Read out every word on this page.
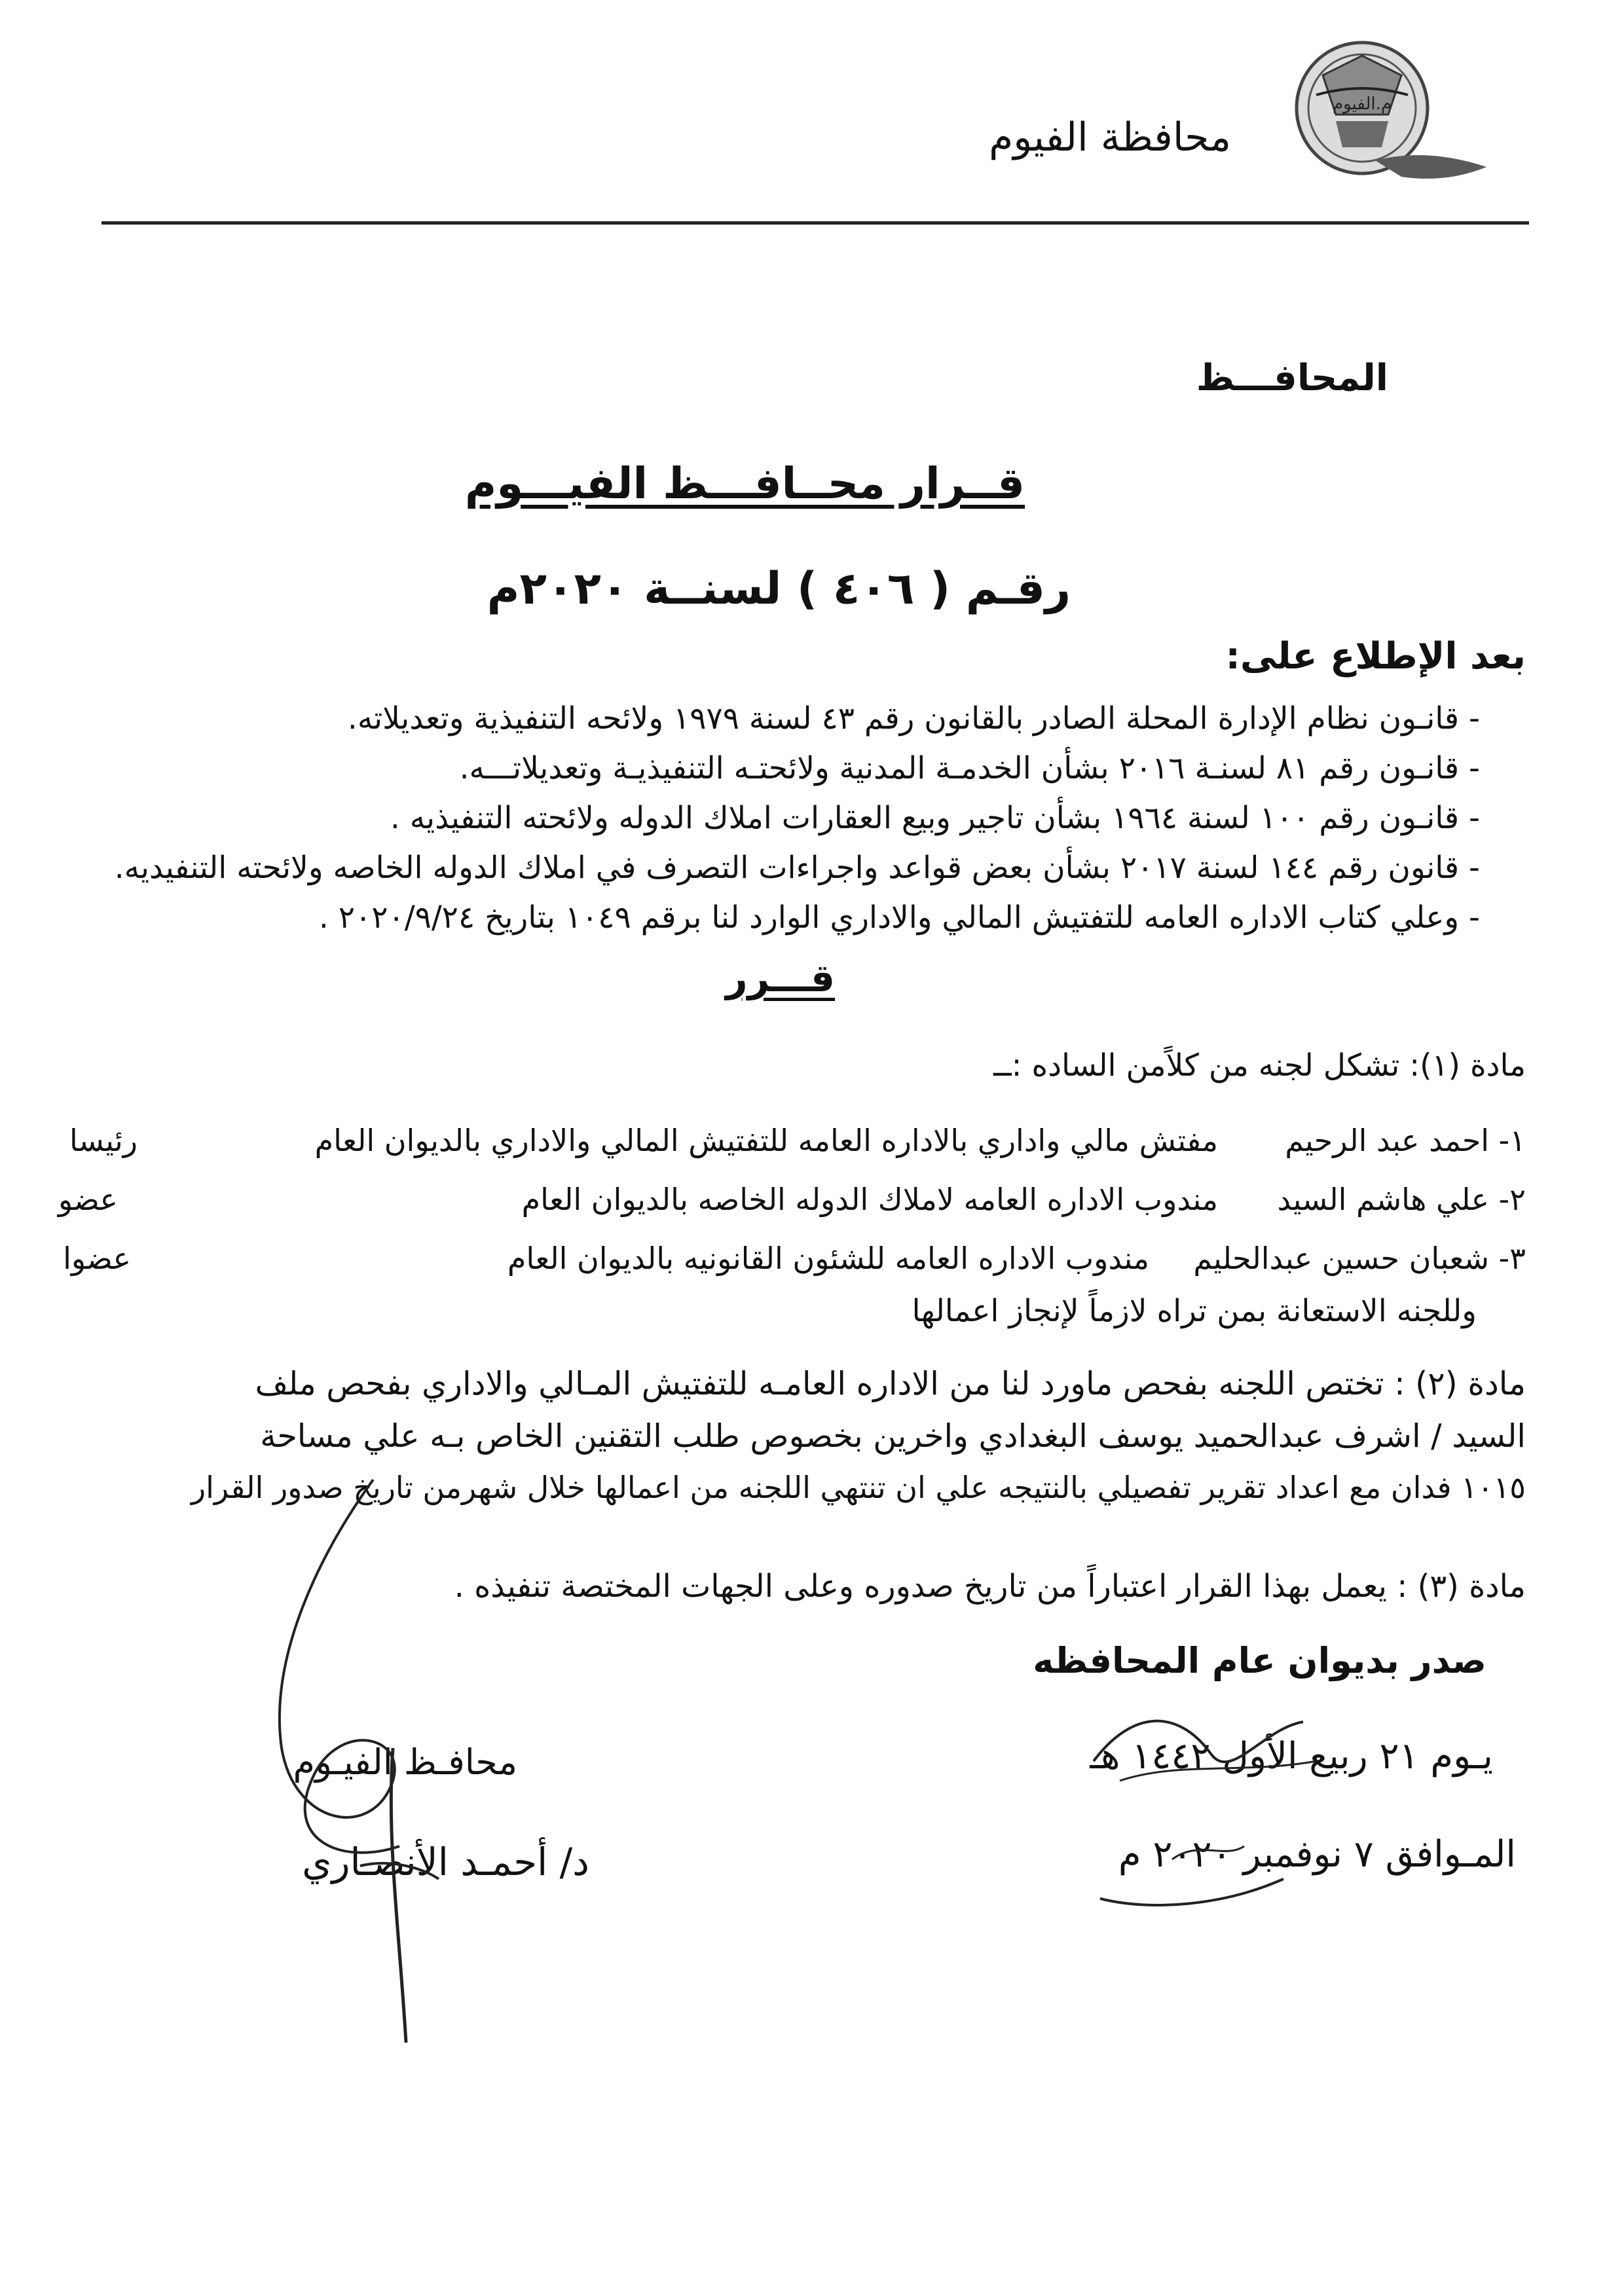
م.الفيوم
محافظة الفيوم
المحافـــظ
قــرار محــافـــظ الفيـــوم
رقـم ( ٤٠٦ ) لسنــة ٢٠٢٠م
بعد الإطلاع على:
- قانـون نظام الإدارة المحلة الصادر بالقانون رقم ٤٣ لسنة ١٩٧٩ ولائحه التنفيذية وتعديلاته.
- قانـون رقم ٨١ لسنـة ٢٠١٦ بشأن الخدمـة المدنية ولائحتـه التنفيذيـة وتعديلاتـــه.
- قانـون رقم ١٠٠ لسنة ١٩٦٤ بشأن تاجير وبيع العقارات املاك الدوله ولائحته التنفيذيه .
- قانون رقم ١٤٤ لسنة ٢٠١٧ بشأن بعض قواعد واجراءات التصرف في املاك الدوله الخاصه ولائحته التنفيديه.
- وعلي كتاب الاداره العامه للتفتيش المالي والاداري الوارد لنا برقم ١٠٤٩ بتاريخ ٢٠٢٠/٩/٢٤ .
قـــرر
مادة (١): تشكل لجنه من كلاًمن الساده :ــ
١- احمد عبد الرحيم
مفتش مالي واداري بالاداره العامه للتفتيش المالي والاداري بالديوان العام
رئيسا
٢- علي هاشم السيد
مندوب الاداره العامه لاملاك الدوله الخاصه بالديوان العام
عضو
٣- شعبان حسين عبدالحليم
مندوب الاداره العامه للشئون القانونيه بالديوان العام
عضوا
وللجنه الاستعانة بمن تراه لازماً لإنجاز اعمالها
مادة (٢) : تختص اللجنه بفحص ماورد لنا من الاداره العامـه للتفتيش المـالي والاداري بفحص ملف
السيد / اشرف عبدالحميد يوسف البغدادي واخرين بخصوص طلب التقنين الخاص بـه علي مساحة
١٠١٥ فدان مع اعداد تقرير تفصيلي بالنتيجه علي ان تنتهي اللجنه من اعمالها خلال شهرمن تاريخ صدور القرار
مادة (٣) : يعمل بهذا القرار اعتباراً من تاريخ صدوره وعلى الجهات المختصة تنفيذه .
صدر بديوان عام المحافظه
يـوم ٢١ ربيع الأول ١٤٤٢ هـ
المـوافق ٧ نوفمبر ٢٠٢٠ م
محافـظ الفيـوم
د/ أحمـد الأنصـاري
